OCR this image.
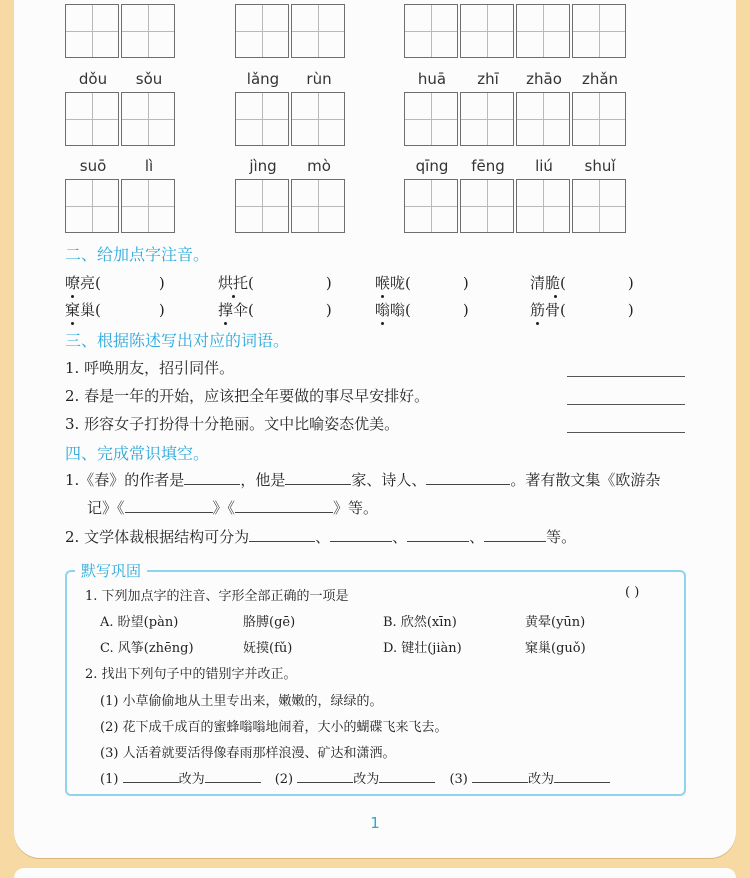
dǒu	sǒu	lǎng	rùn	huā	zhī	zhāo	zhǎn
suō	lì	jìng	mò	qīng	fēng	liú	shuǐ
二、给加点字注音。
嘹亮(	)	烘托(	)	喉咙(	)	清脆(	)
窠巢(	)	撑伞(	)	嗡嗡(	)	筋骨(	)
三、根据陈述写出对应的词语。
1. 呼唤朋友，招引同伴。
2. 春是一年的开始，应该把全年要做的事尽早安排好。
3. 形容女子打扮得十分艳丽。文中比喻姿态优美。
四、完成常识填空。
1.《春》的作者是	，他是	家、诗人、	。著有散文集《欧游杂
记》《	》《	》等。
2. 文学体裁根据结构可分为	、	、	、	等。
默写巩固
1. 下列加点字的注音、字形全部正确的一项是	( )
A. 盼望(pàn)	胳膊(gē)	B. 欣然(xīn)	黄晕(yūn)
C. 风筝(zhēng)	妩摸(fǔ)	D. 键壮(jiàn)	窠巢(guǒ)
2. 找出下列句子中的错别字并改正。
(1) 小草偷偷地从土里专出来，嫩嫩的，绿绿的。
(2) 花下成千成百的蜜蜂嗡嗡地闹着，大小的蝴碟飞来飞去。
(3) 人活着就要活得像春雨那样浪漫、矿达和潇洒。
(1)	改为	(2)	改为	(3)	改为
1
